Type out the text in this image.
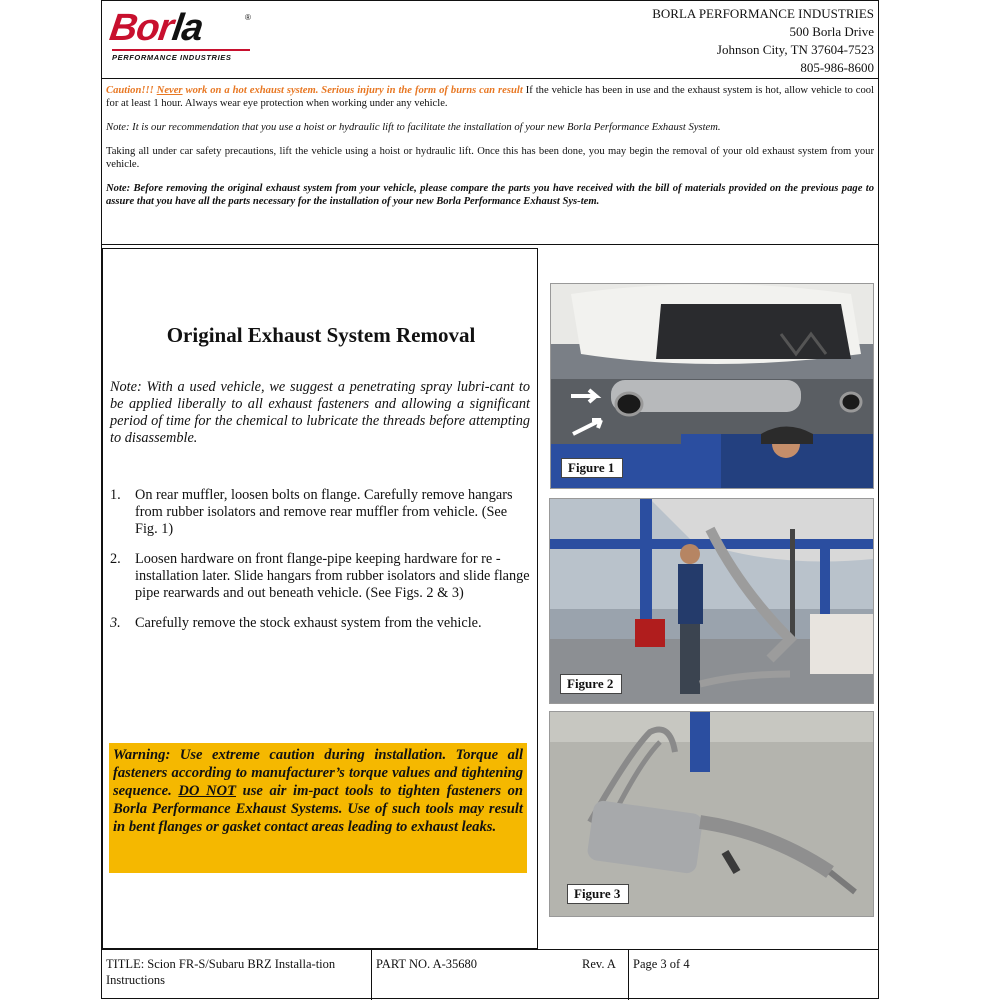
Borla	®
PERFORMANCE INDUSTRIES
BORLA PERFORMANCE INDUSTRIES
500 Borla Drive
Johnson City, TN 37604-7523
805-986-8600

Caution!!! Never work on a hot exhaust system. Serious injury in the form of burns can result If the vehicle has been in use and the exhaust system is hot, allow vehicle to cool for at least 1 hour. Always wear eye protection when working under any vehicle.

Note: It is our recommendation that you use a hoist or hydraulic lift to facilitate the installation of your new Borla Performance Exhaust System.

Taking all under car safety precautions, lift the vehicle using a hoist or hydraulic lift. Once this has been done, you may begin the removal of your old exhaust system from your vehicle.

Note: Before removing the original exhaust system from your vehicle, please compare the parts you have received with the bill of materials provided on the previous page to assure that you have all the parts necessary for the installation of your new Borla Performance Exhaust Sys-tem.

Original Exhaust System Removal
Note: With a used vehicle, we suggest a penetrating spray lubri-cant to be applied liberally to all exhaust fasteners and allowing a significant period of time for the chemical to lubricate the threads before attempting to disassemble.
1. On rear muffler, loosen bolts on flange. Carefully remove hangars from rubber isolators and remove rear muffler from vehicle. (See Fig. 1)
2. Loosen hardware on front flange-pipe keeping hardware for re -installation later. Slide hangars from rubber isolators and slide flange pipe rearwards and out beneath vehicle. (See Figs. 2 & 3)
3. Carefully remove the stock exhaust system from the vehicle.
Warning: Use extreme caution during installation. Torque all fasteners according to manufacturer’s torque values and tightening sequence. DO NOT use air im-pact tools to tighten fasteners on Borla Performance Exhaust Systems. Use of such tools may result in bent flanges or gasket contact areas leading to exhaust leaks.
Figure 1
Figure 2
Figure 3
TITLE: Scion FR-S/Subaru BRZ Installa-tion Instructions
PART NO. A-35680	Rev. A	Page 3 of 4
